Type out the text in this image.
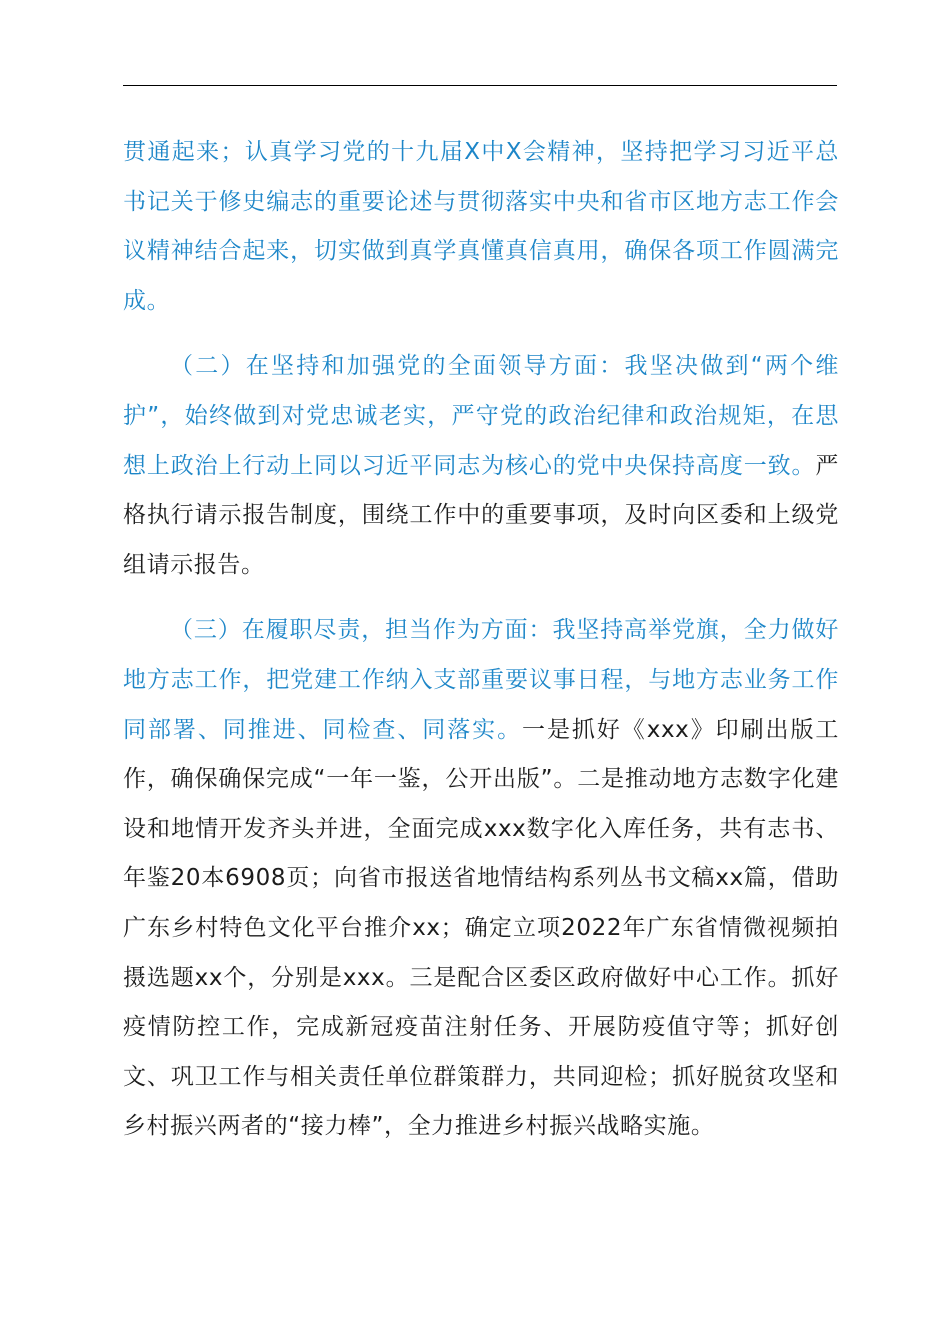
贯通起来；认真学习党的十九届X中X会精神，坚持把学习习近平总书记关于修史编志的重要论述与贯彻落实中央和省市区地方志工作会议精神结合起来，切实做到真学真懂真信真用，确保各项工作圆满完成。

（二）在坚持和加强党的全面领导方面：我坚决做到“两个维护”，始终做到对党忠诚老实，严守党的政治纪律和政治规矩，在思想上政治上行动上同以习近平同志为核心的党中央保持高度一致。严格执行请示报告制度，围绕工作中的重要事项，及时向区委和上级党组请示报告。

（三）在履职尽责，担当作为方面：我坚持高举党旗，全力做好地方志工作，把党建工作纳入支部重要议事日程，与地方志业务工作同部署、同推进、同检查、同落实。一是抓好《xxx》印刷出版工作，确保确保完成“一年一鉴，公开出版”。二是推动地方志数字化建设和地情开发齐头并进，全面完成xxx数字化入库任务，共有志书、年鉴20本6908页；向省市报送省地情结构系列丛书文稿xx篇，借助广东乡村特色文化平台推介xx；确定立项2022年广东省情微视频拍摄选题xx个，分别是xxx。三是配合区委区政府做好中心工作。抓好疫情防控工作，完成新冠疫苗注射任务、开展防疫值守等；抓好创文、巩卫工作与相关责任单位群策群力，共同迎检；抓好脱贫攻坚和乡村振兴两者的“接力棒”，全力推进乡村振兴战略实施。
